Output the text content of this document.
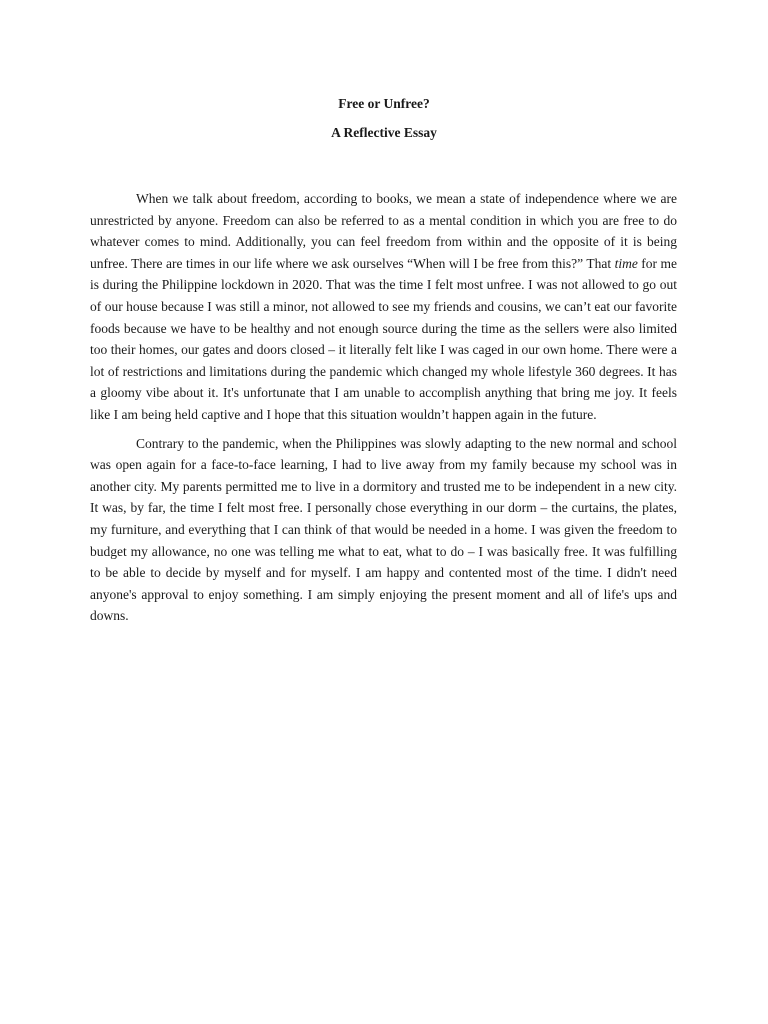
Free or Unfree?

A Reflective Essay

When we talk about freedom, according to books, we mean a state of independence where we are unrestricted by anyone. Freedom can also be referred to as a mental condition in which you are free to do whatever comes to mind. Additionally, you can feel freedom from within and the opposite of it is being unfree. There are times in our life where we ask ourselves “When will I be free from this?” That time for me is during the Philippine lockdown in 2020. That was the time I felt most unfree. I was not allowed to go out of our house because I was still a minor, not allowed to see my friends and cousins, we can’t eat our favorite foods because we have to be healthy and not enough source during the time as the sellers were also limited too their homes, our gates and doors closed – it literally felt like I was caged in our own home. There were a lot of restrictions and limitations during the pandemic which changed my whole lifestyle 360 degrees. It has a gloomy vibe about it. It's unfortunate that I am unable to accomplish anything that bring me joy. It feels like I am being held captive and I hope that this situation wouldn’t happen again in the future.

Contrary to the pandemic, when the Philippines was slowly adapting to the new normal and school was open again for a face-to-face learning, I had to live away from my family because my school was in another city. My parents permitted me to live in a dormitory and trusted me to be independent in a new city. It was, by far, the time I felt most free. I personally chose everything in our dorm – the curtains, the plates, my furniture, and everything that I can think of that would be needed in a home. I was given the freedom to budget my allowance, no one was telling me what to eat, what to do – I was basically free. It was fulfilling to be able to decide by myself and for myself. I am happy and contented most of the time. I didn't need anyone's approval to enjoy something. I am simply enjoying the present moment and all of life's ups and downs.
